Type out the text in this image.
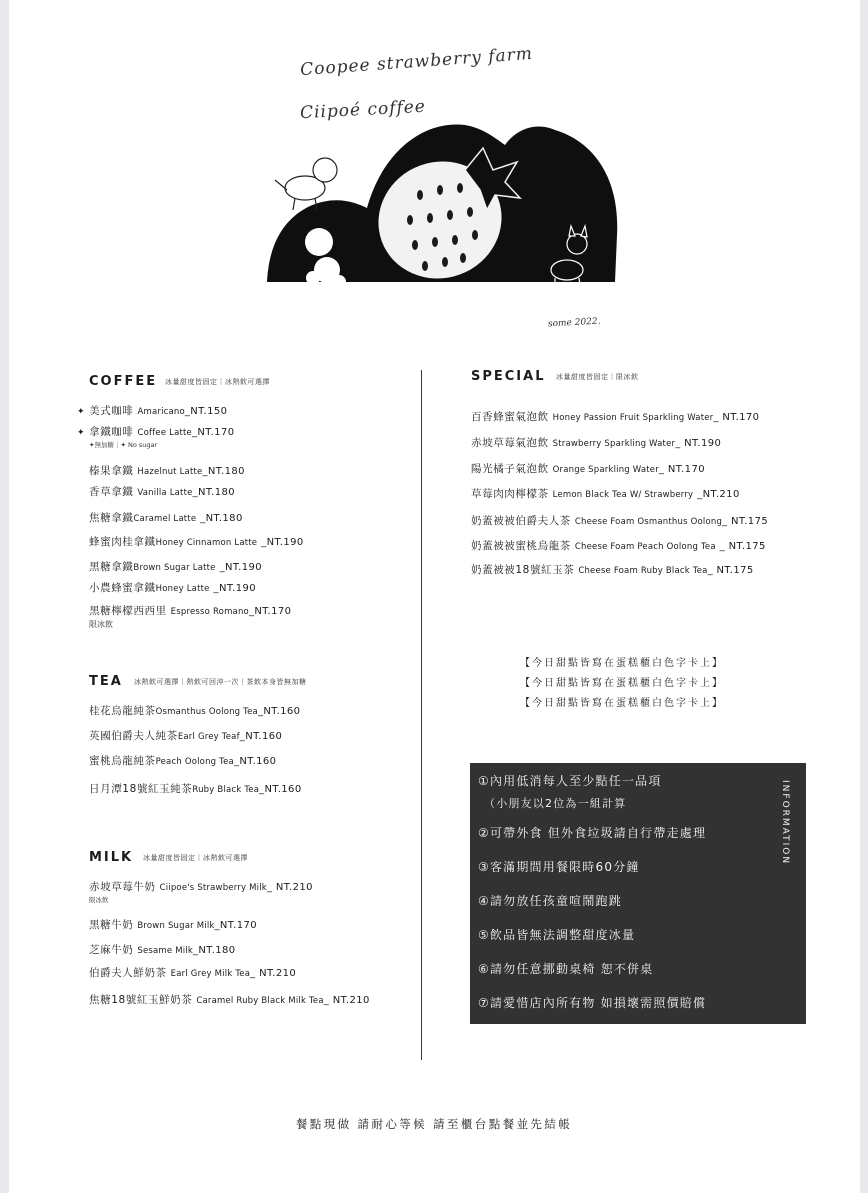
Coopee strawberry farm
Ciipoé coffee
some 2022.
COFFEE 冰量甜度皆固定｜冰熱飲可選擇
✦ 美式咖啡 Amaricano_NT.150
✦ 拿鐵咖啡 Coffee Latte_NT.170
✦無加糖｜✦ No sugar
榛果拿鐵 Hazelnut Latte_NT.180
香草拿鐵 Vanilla Latte_NT.180
焦糖拿鐵Caramel Latte _NT.180
蜂蜜肉桂拿鐵Honey Cinnamon Latte _NT.190
黑糖拿鐵Brown Sugar Latte _NT.190
小農蜂蜜拿鐵Honey Latte _NT.190
黑糖檸檬西西里 Espresso Romano_NT.170
限冰飲
TEA 冰熱飲可選擇｜熱飲可回沖一次｜茶飲本身皆無加糖
桂花烏龍純茶Osmanthus Oolong Tea_NT.160
英國伯爵夫人純茶Earl Grey Teaf_NT.160
蜜桃烏龍純茶Peach Oolong Tea_NT.160
日月潭18號紅玉純茶Ruby Black Tea_NT.160
MILK 冰量甜度皆固定｜冰熱飲可選擇
赤坡草莓牛奶 Ciipoe's Strawberry Milk_ NT.210
限冰飲
黑糖牛奶 Brown Sugar Milk_NT.170
芝麻牛奶 Sesame Milk_NT.180
伯爵夫人鮮奶茶 Earl Grey Milk Tea_ NT.210
焦糖18號紅玉鮮奶茶 Caramel Ruby Black Milk Tea_ NT.210
SPECIAL 冰量甜度皆固定｜限冰飲
百香蜂蜜氣泡飲 Honey Passion Fruit Sparkling Water_ NT.170
赤坡草莓氣泡飲 Strawberry Sparkling Water_ NT.190
陽光橘子氣泡飲 Orange Sparkling Water_ NT.170
草莓肉肉檸檬茶 Lemon Black Tea W/ Strawberry _NT.210
奶蓋被被伯爵夫人茶 Cheese Foam Osmanthus Oolong_ NT.175
奶蓋被被蜜桃烏龍茶 Cheese Foam Peach Oolong Tea _ NT.175
奶蓋被被18號紅玉茶 Cheese Foam Ruby Black Tea_ NT.175
【今日甜點皆寫在蛋糕櫃白色字卡上】
【今日甜點皆寫在蛋糕櫃白色字卡上】
【今日甜點皆寫在蛋糕櫃白色字卡上】
①內用低消每人至少點任一品項
（小朋友以2位為一組計算
②可帶外食 但外食垃圾請自行帶走處理
③客滿期間用餐限時60分鐘
④請勿放任孩童喧鬧跑跳
⑤飲品皆無法調整甜度冰量
⑥請勿任意挪動桌椅 恕不併桌
⑦請愛惜店內所有物 如損壞需照價賠償
INFORMATION
餐點現做 請耐心等候 請至櫃台點餐並先結帳
